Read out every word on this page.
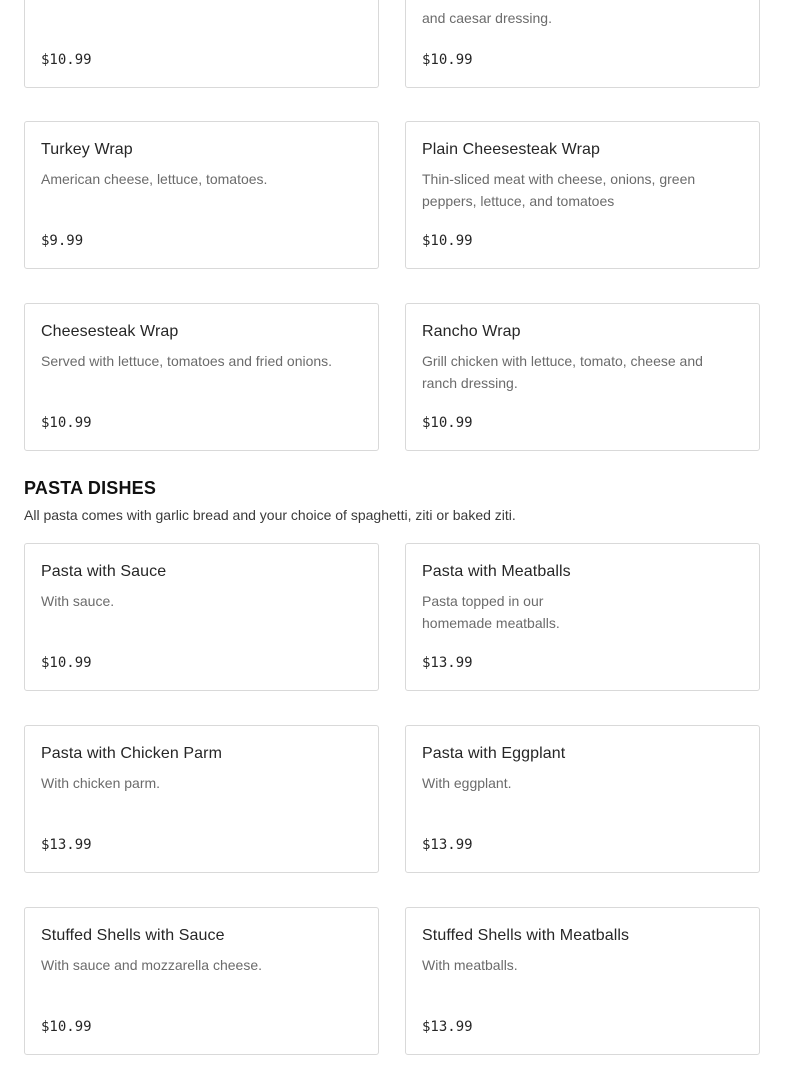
$10.99
and caesar dressing.
$10.99
Turkey Wrap
American cheese, lettuce, tomatoes.
$9.99
Plain Cheesesteak Wrap
Thin-sliced meat with cheese, onions, green peppers, lettuce, and tomatoes
$10.99
Cheesesteak Wrap
Served with lettuce, tomatoes and fried onions.
$10.99
Rancho Wrap
Grill chicken with lettuce, tomato, cheese and ranch dressing.
$10.99
PASTA DISHES
All pasta comes with garlic bread and your choice of spaghetti, ziti or baked ziti.
Pasta with Sauce
With sauce.
$10.99
Pasta with Meatballs
Pasta topped in our homemade meatballs.
$13.99
Pasta with Chicken Parm
With chicken parm.
$13.99
Pasta with Eggplant
With eggplant.
$13.99
Stuffed Shells with Sauce
With sauce and mozzarella cheese.
$10.99
Stuffed Shells with Meatballs
With meatballs.
$13.99
